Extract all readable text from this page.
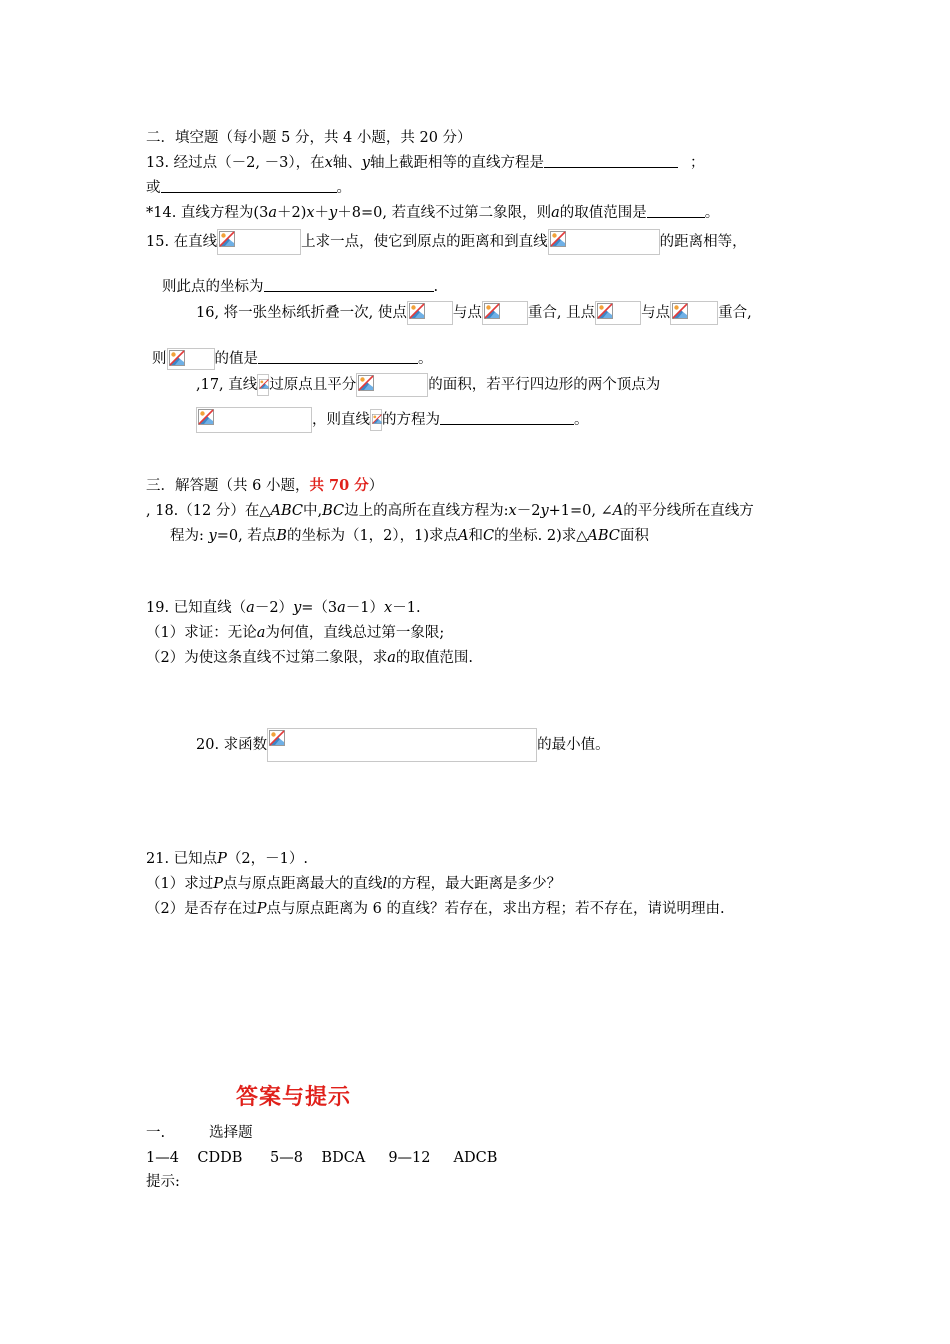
二．填空题（每小题 5 分，共 4 小题，共 20 分）
13. 经过点（－2, －3），在x轴、y轴上截距相等的直线方程是	；
或	。
*14. 直线方程为(3a＋2)x＋y＋8=0, 若直线不过第二象限，则a的取值范围是	。
15. 在直线	上求一点，使它到原点的距离和到直线	的距离相等，
则此点的坐标为	.
16, 将一张坐标纸折叠一次, 使点	与点	重合, 且点	与点	重合,
则	的值是	。
,17, 直线 过原点且平分	的面积，若平行四边形的两个顶点为
，则直线 的方程为	。
三．解答题（共 6 小题，共 70 分）
, 18.（12 分）在△ABC中,BC边上的高所在直线方程为:x－2y+1=0, ∠A的平分线所在直线方
程为: y=0, 若点B的坐标为（1，2），1)求点A和C的坐标. 2)求△ABC面积
19. 已知直线（a－2）y=（3a－1）x－1.
（1）求证：无论a为何值，直线总过第一象限;
（2）为使这条直线不过第二象限，求a的取值范围.
20. 求函数	的最小值。
21. 已知点P（2，－1）.
（1）求过P点与原点距离最大的直线l的方程，最大距离是多少？
（2）是否存在过P点与原点距离为 6 的直线？若存在，求出方程；若不存在，请说明理由.
答案与提示
一.	选择题
1—4    CDDB      5—8    BDCA     9—12     ADCB
提示:
